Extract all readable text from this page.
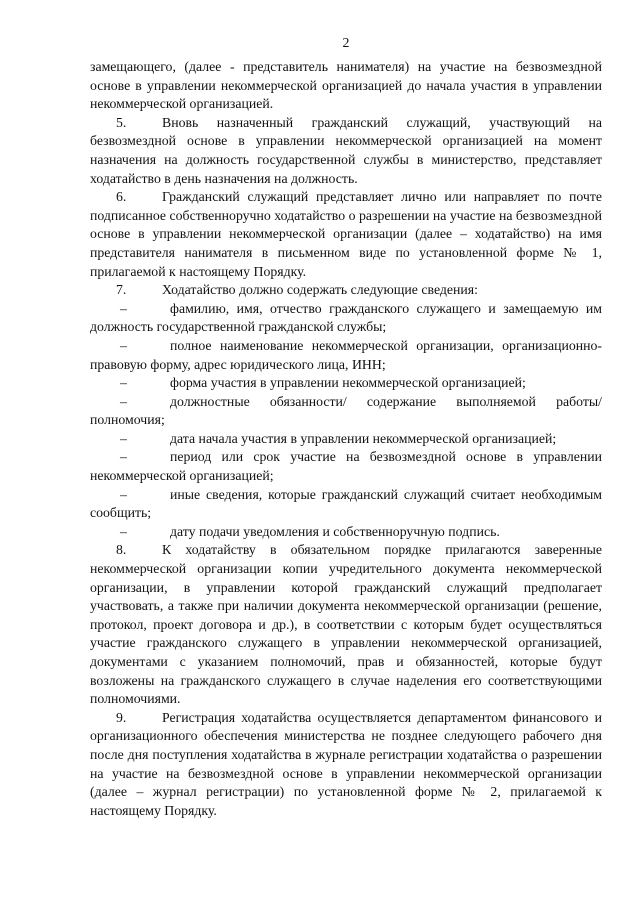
2

замещающего, (далее - представитель нанимателя) на участие на безвозмездной основе в управлении некоммерческой организацией до начала участия в управлении некоммерческой организацией.

5.	Вновь назначенный гражданский служащий, участвующий на безвозмездной основе в управлении некоммерческой организацией на момент назначения на должность государственной службы в министерство, представляет ходатайство в день назначения на должность.

6.	Гражданский служащий представляет лично или направляет по почте подписанное собственноручно ходатайство о разрешении на участие на безвозмездной основе в управлении некоммерческой организации (далее – ходатайство) на имя представителя нанимателя в письменном виде по установленной форме № 1, прилагаемой к настоящему Порядку.

7.	Ходатайство должно содержать следующие сведения:

–	фамилию, имя, отчество гражданского служащего и замещаемую им должность государственной гражданской службы;

–	полное наименование некоммерческой организации, организационно-правовую форму, адрес юридического лица, ИНН;

–	форма участия в управлении некоммерческой организацией;

–	должностные обязанности/ содержание выполняемой работы/ полномочия;

–	дата начала участия в управлении некоммерческой организацией;

–	период или срок участие на безвозмездной основе в управлении некоммерческой организацией;

–	иные сведения, которые гражданский служащий считает необходимым сообщить;

–	дату подачи уведомления и собственноручную подпись.

8.	К ходатайству в обязательном порядке прилагаются заверенные некоммерческой организации копии учредительного документа некоммерческой организации, в управлении которой гражданский служащий предполагает участвовать, а также при наличии документа некоммерческой организации (решение, протокол, проект договора и др.), в соответствии с которым будет осуществляться участие гражданского служащего в управлении некоммерческой организацией, документами с указанием полномочий, прав и обязанностей, которые будут возложены на гражданского служащего в случае наделения его соответствующими полномочиями.

9.	Регистрация ходатайства осуществляется департаментом финансового и организационного обеспечения министерства не позднее следующего рабочего дня после дня поступления ходатайства в журнале регистрации ходатайства о разрешении на участие на безвозмездной основе в управлении некоммерческой организации (далее – журнал регистрации) по установленной форме № 2, прилагаемой к настоящему Порядку.
